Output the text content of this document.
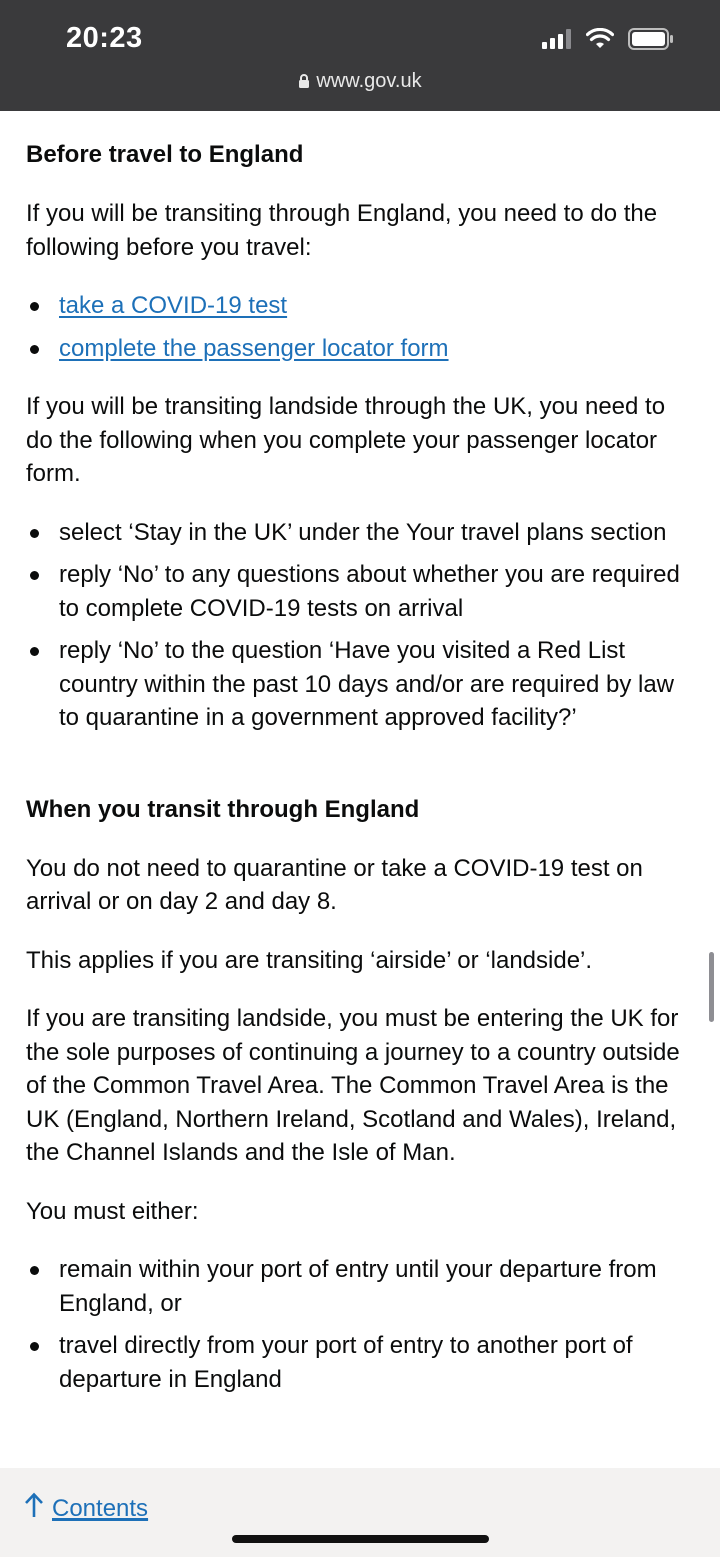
20:23
www.gov.uk
Before travel to England

If you will be transiting through England, you need to do the following before you travel:

take a COVID-19 test
complete the passenger locator form

If you will be transiting landside through the UK, you need to do the following when you complete your passenger locator form.

select ‘Stay in the UK’ under the Your travel plans section
reply ‘No’ to any questions about whether you are required to complete COVID-19 tests on arrival
reply ‘No’ to the question ‘Have you visited a Red List country within the past 10 days and/or are required by law to quarantine in a government approved facility?’
When you transit through England

You do not need to quarantine or take a COVID-19 test on arrival or on day 2 and day 8.

This applies if you are transiting ‘airside’ or ‘landside’.

If you are transiting landside, you must be entering the UK for the sole purposes of continuing a journey to a country outside of the Common Travel Area. The Common Travel Area is the UK (England, Northern Ireland, Scotland and Wales), Ireland, the Channel Islands and the Isle of Man.

You must either:

remain within your port of entry until your departure from England, or
travel directly from your port of entry to another port of departure in England
Contents
